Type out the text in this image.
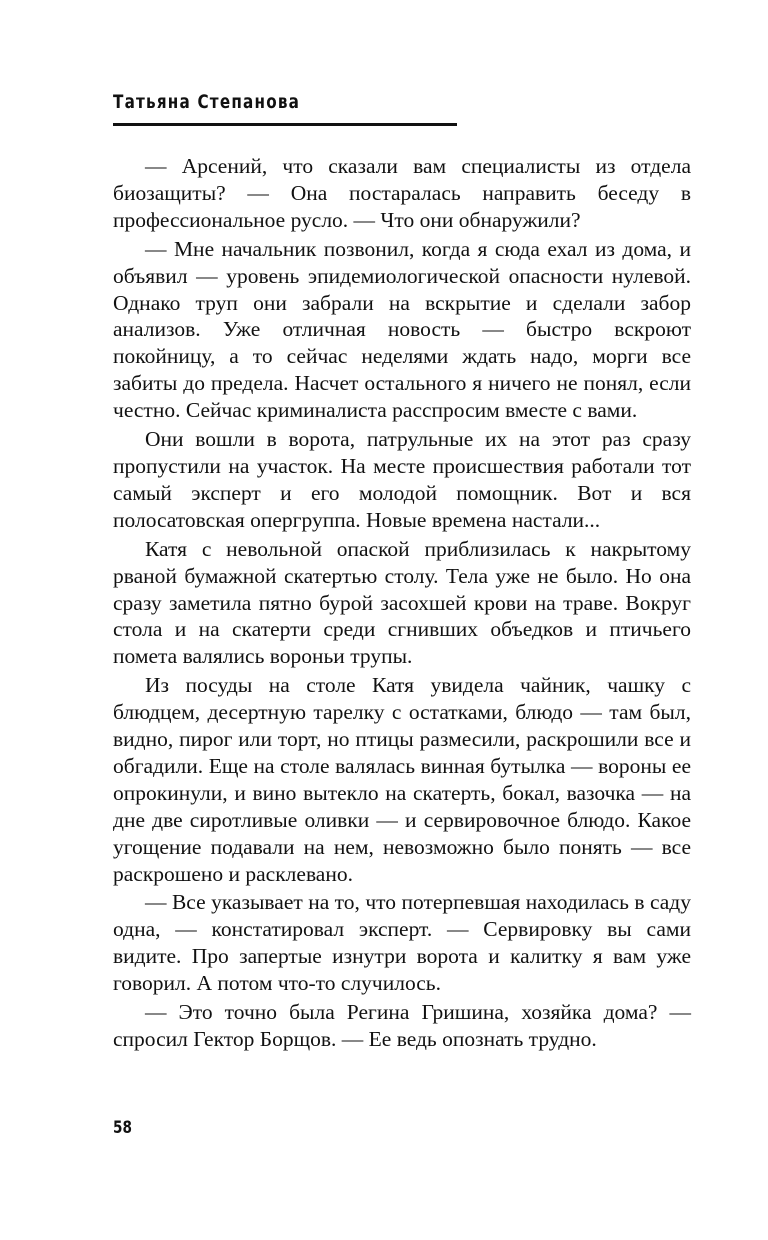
Татьяна Степанова

— Арсений, что сказали вам специалисты из отдела биозащиты? — Она постаралась направить беседу в профессиональное русло. — Что они обнаружили?

— Мне начальник позвонил, когда я сюда ехал из дома, и объявил — уровень эпидемиологической опасности нулевой. Однако труп они забрали на вскрытие и сделали забор анализов. Уже отличная новость — быстро вскроют покойницу, а то сейчас неделями ждать надо, морги все забиты до предела. Насчет остального я ничего не понял, если честно. Сейчас криминалиста расспросим вместе с вами.

Они вошли в ворота, патрульные их на этот раз сразу пропустили на участок. На месте происшествия работали тот самый эксперт и его молодой помощник. Вот и вся полосатовская опергруппа. Новые времена настали...

Катя с невольной опаской приблизилась к накрытому рваной бумажной скатертью столу. Тела уже не было. Но она сразу заметила пятно бурой засохшей крови на траве. Вокруг стола и на скатерти среди сгнивших объедков и птичьего помета валялись вороньи трупы.

Из посуды на столе Катя увидела чайник, чашку с блюдцем, десертную тарелку с остатками, блюдо — там был, видно, пирог или торт, но птицы размесили, раскрошили все и обгадили. Еще на столе валялась винная бутылка — вороны ее опрокинули, и вино вытекло на скатерть, бокал, вазочка — на дне две сиротливые оливки — и сервировочное блюдо. Какое угощение подавали на нем, невозможно было понять — все раскрошено и расклевано.

— Все указывает на то, что потерпевшая находилась в саду одна, — констатировал эксперт. — Сервировку вы сами видите. Про запертые изнутри ворота и калитку я вам уже говорил. А потом что-то случилось.

— Это точно была Регина Гришина, хозяйка дома? — спросил Гектор Борщов. — Ее ведь опознать трудно.

58
